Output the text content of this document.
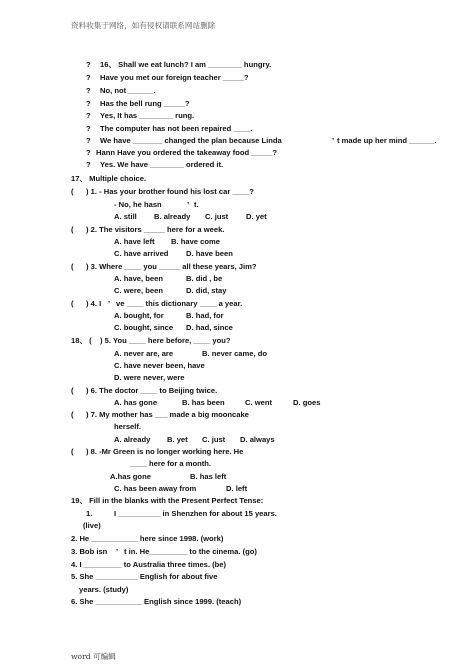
资料收集于网络，如有侵权请联系网站删除
? 16、 Shall we eat lunch? I am ________ hungry.
? Have you met our foreign teacher _____?
? No, not ______.
? Has the bell rung _____?
? Yes, It has ________ rung.
? The computer has not been repaired ____.
? We have _______ changed the plan because Linda	’ t made up her mind ______.
? Hann Have you ordered the takeaway food _____?
? Yes. We have ________ ordered it.
17、 Multiple choice.
( ) 1. - Has your brother found his lost car ____?
- No, he hasn	’ t.
A. still B. already C. just D. yet
( ) 2. The visitors _____ here for a week.
A. have left B. have come
C. have arrived D. have been
( ) 3. Where ____ you _____ all these years, Jim?
A. have, been	B. did , be
C. were, been	D. did, stay
( ) 4. I ’ ve ____ this dictionary ____ a year.
A. bought, for	B. had, for
C. bought, since D. had, since
18、 ( ) 5. You ____ here before, ____ you?
A. never are, are	B. never came, do
C. have never been, have
D. were never, were
( ) 6. The doctor ____ to Beijing twice.
A. has gone	B. has been	C. went	D. goes
( ) 7. My mother has ___ made a big mooncake
herself.
A. already B. yet C. just D. always
( ) 8. -Mr Green is no longer working here. He
____ here for a month.
A.has gone	B. has left
C. has been away from	D. left
19、 Fill in the blanks with the Present Perfect Tense:
1.	I __________ in Shenzhen for about 15 years.
(live)
2. He ___________ here since 1998. (work)
3. Bob isn ’ t in. He_________ to the cinema. (go)
4. I _________ to Australia three times. (be)
5. She __________ English for about five
years. (study)
6. She ___________ English since 1999. (teach)
word 可编辑
